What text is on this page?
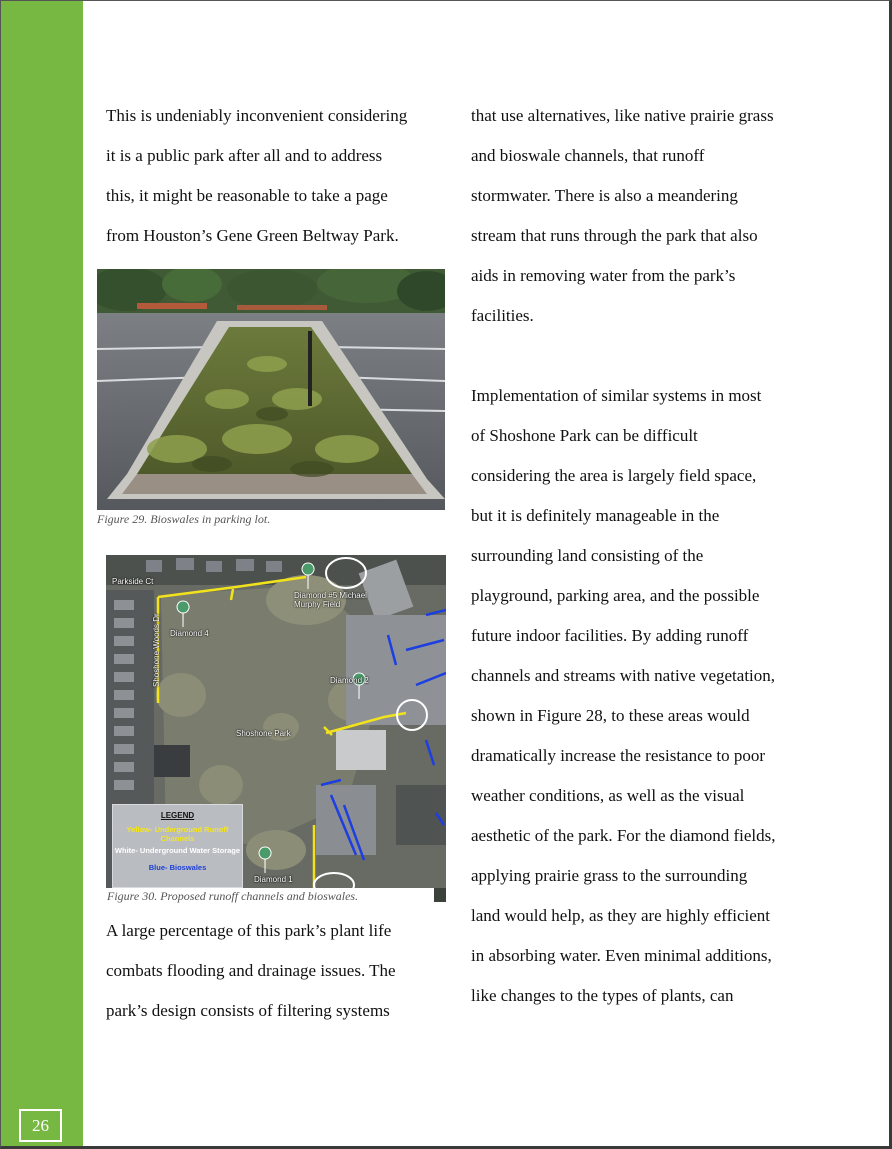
26

This is undeniably inconvenient considering

it is a public park after all and to address

this, it might be reasonable to take a page

from Houston’s Gene Green Beltway Park.

Figure 29. Bioswales in parking lot.
Parkside Ct
Shoshone Woods Dr
Diamond #5 Michael Murphy Field
Diamond 4
Diamond 2
Shoshone Park
Diamond 1
LEGEND
Yellow- Underground Runoff Channels
White- Underground Water Storage
Blue- Bioswales
Figure 30. Proposed runoff channels and bioswales.

A large percentage of this park’s plant life

combats flooding and drainage issues. The

park’s design consists of filtering systems

that use alternatives, like native prairie grass

and bioswale channels, that runoff

stormwater. There is also a meandering

stream that runs through the park that also

aids in removing water from the park’s

facilities.

Implementation of similar systems in most

of Shoshone Park can be difficult

considering the area is largely field space,

but it is definitely manageable in the

surrounding land consisting of the

playground, parking area, and the possible

future indoor facilities. By adding runoff

channels and streams with native vegetation,

shown in Figure 28, to these areas would

dramatically increase the resistance to poor

weather conditions, as well as the visual

aesthetic of the park. For the diamond fields,

applying prairie grass to the surrounding

land would help, as they are highly efficient

in absorbing water. Even minimal additions,

like changes to the types of plants, can
